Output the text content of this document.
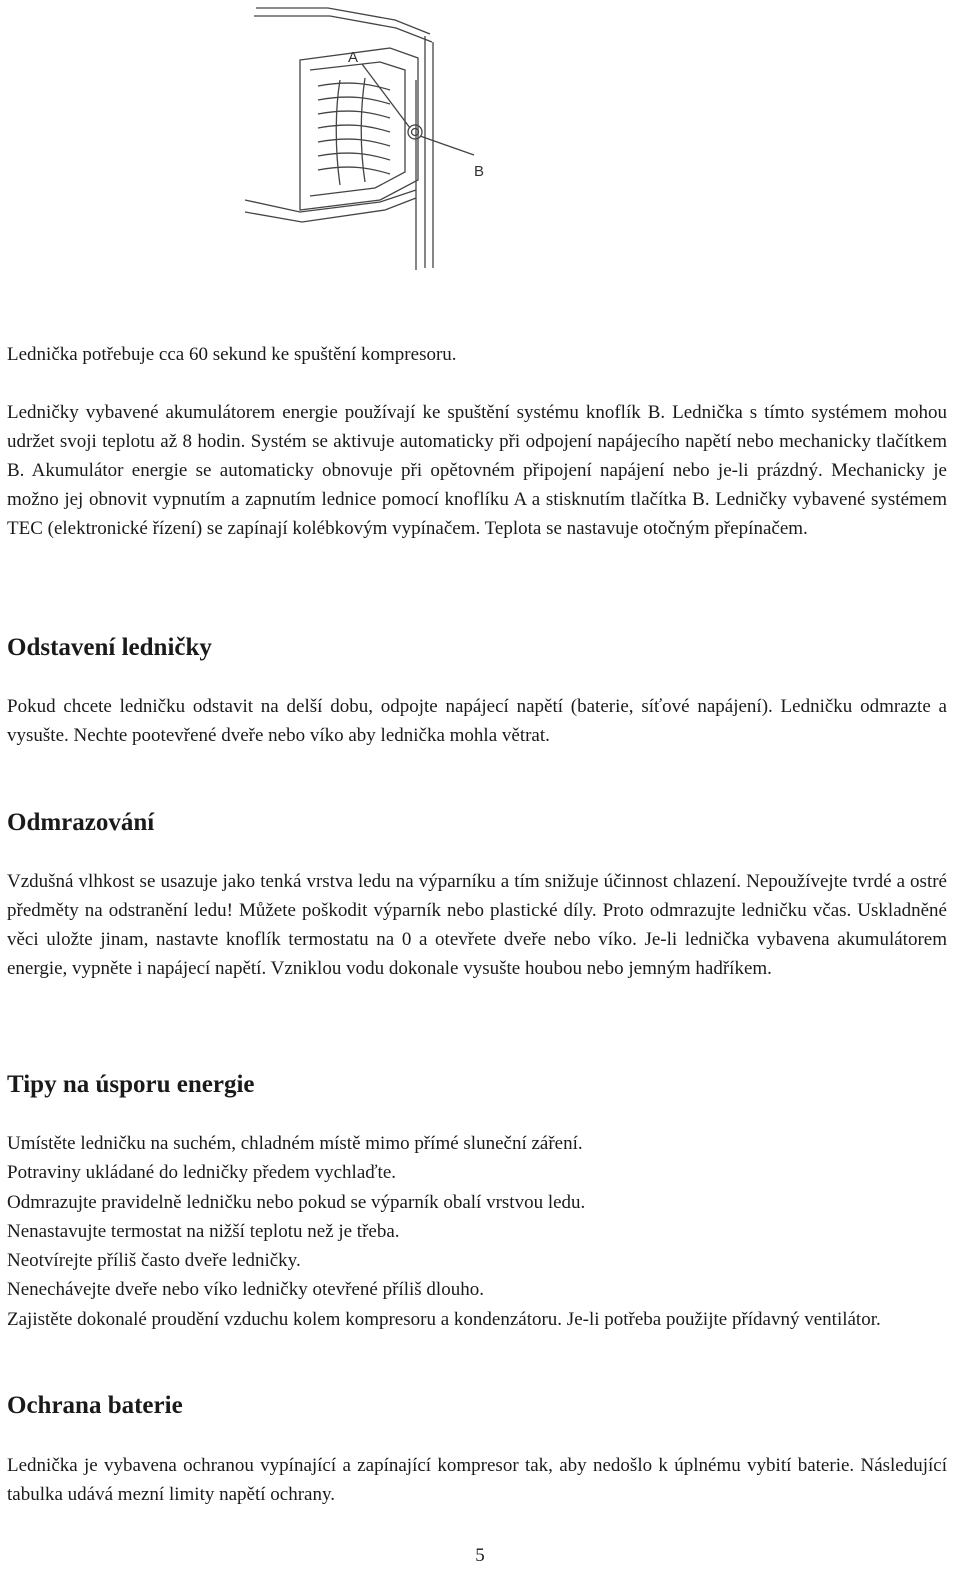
A
B

Lednička potřebuje cca 60 sekund ke spuštění kompresoru.

Ledničky vybavené akumulátorem energie používají ke spuštění systému knoflík B. Lednička s tímto systémem mohou udržet svoji teplotu až 8 hodin. Systém se aktivuje automaticky při odpojení napájecího napětí nebo mechanicky tlačítkem B. Akumulátor energie se automaticky obnovuje při opětovném připojení napájení nebo je-li prázdný. Mechanicky je možno jej obnovit vypnutím a zapnutím lednice pomocí knoflíku A a stisknutím tlačítka B. Ledničky vybavené systémem TEC (elektronické řízení) se zapínají kolébkovým vypínačem. Teplota se nastavuje otočným přepínačem.

Odstavení ledničky

Pokud chcete ledničku odstavit na delší dobu, odpojte napájecí napětí (baterie, síťové napájení). Ledničku odmrazte a vysušte. Nechte pootevřené dveře nebo víko aby lednička mohla větrat.

Odmrazování

Vzdušná vlhkost se usazuje jako tenká vrstva ledu na výparníku a tím snižuje účinnost chlazení. Nepoužívejte tvrdé a ostré předměty na odstranění ledu! Můžete poškodit výparník nebo plastické díly. Proto odmrazujte ledničku včas. Uskladněné věci uložte jinam, nastavte knoflík termostatu na 0 a otevřete dveře nebo víko. Je-li lednička vybavena akumulátorem energie, vypněte i napájecí napětí. Vzniklou vodu dokonale vysušte houbou nebo jemným hadříkem.

Tipy na úsporu energie
Umístěte ledničku na suchém, chladném místě mimo přímé sluneční záření.
Potraviny ukládané do ledničky předem vychlaďte.
Odmrazujte pravidelně ledničku nebo pokud se výparník obalí vrstvou ledu.
Nenastavujte termostat na nižší teplotu než je třeba.
Neotvírejte příliš často dveře ledničky.
Nenechávejte dveře nebo víko ledničky otevřené příliš dlouho.
Zajistěte dokonalé proudění vzduchu kolem kompresoru a kondenzátoru. Je-li potřeba použijte přídavný ventilátor.
Ochrana baterie

Lednička je vybavena ochranou vypínající a zapínající kompresor tak, aby nedošlo k úplnému vybití baterie. Následující tabulka udává mezní limity napětí ochrany.

5
